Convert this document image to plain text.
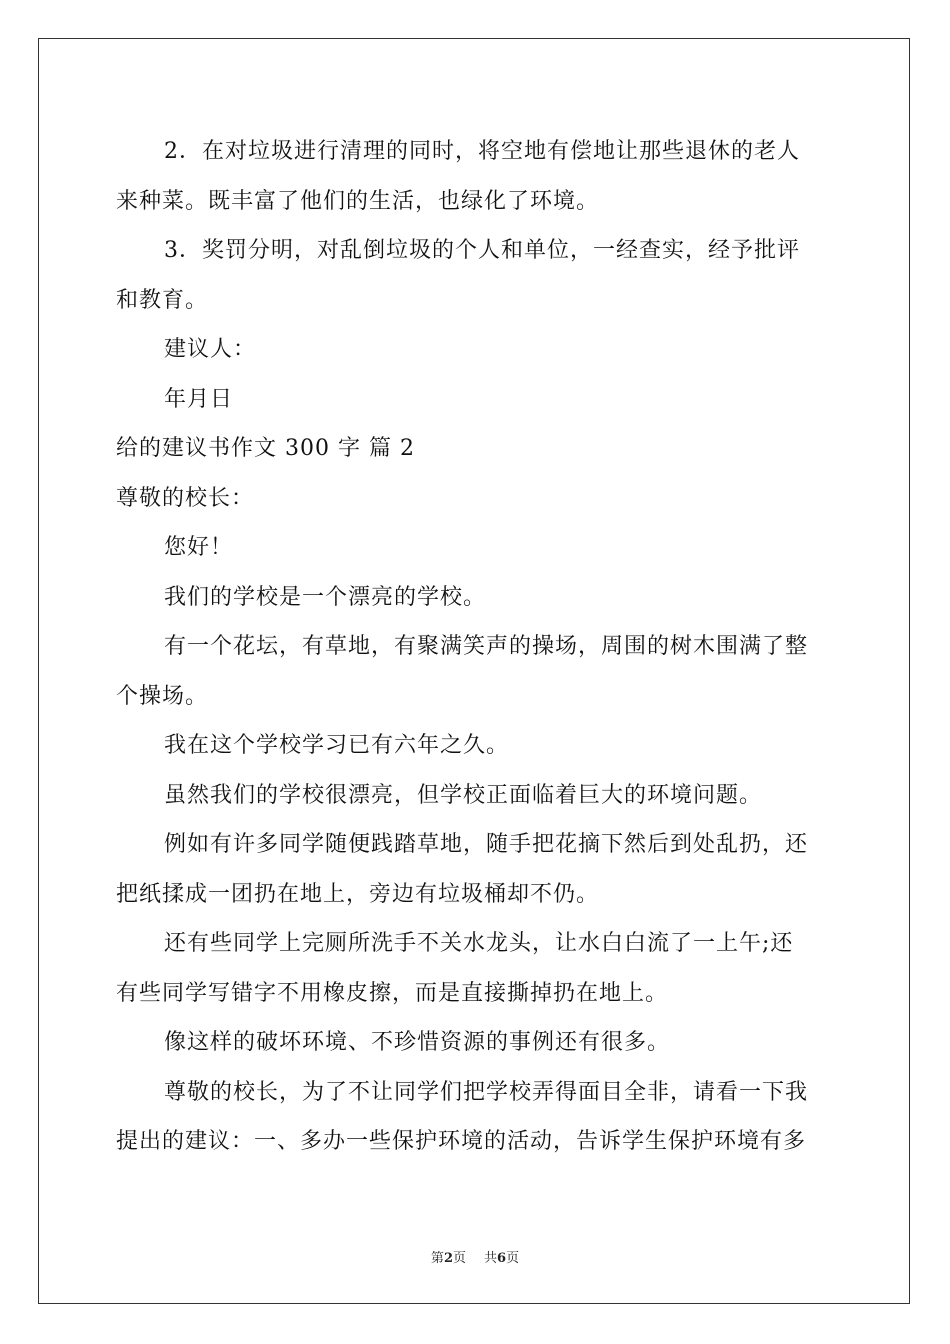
2．在对垃圾进行清理的同时，将空地有偿地让那些退休的老人
来种菜。既丰富了他们的生活，也绿化了环境。
3．奖罚分明，对乱倒垃圾的个人和单位，一经查实，经予批评
和教育。
建议人：
年月日
给的建议书作文 300 字 篇 2
尊敬的校长：
您好！
我们的学校是一个漂亮的学校。
有一个花坛，有草地，有聚满笑声的操场，周围的树木围满了整
个操场。
我在这个学校学习已有六年之久。
虽然我们的学校很漂亮，但学校正面临着巨大的环境问题。
例如有许多同学随便践踏草地，随手把花摘下然后到处乱扔，还
把纸揉成一团扔在地上，旁边有垃圾桶却不仍。
还有些同学上完厕所洗手不关水龙头，让水白白流了一上午;还
有些同学写错字不用橡皮擦，而是直接撕掉扔在地上。
像这样的破坏环境、不珍惜资源的事例还有很多。
尊敬的校长，为了不让同学们把学校弄得面目全非，请看一下我
提出的建议：一、多办一些保护环境的活动，告诉学生保护环境有多
第2页 共6页
